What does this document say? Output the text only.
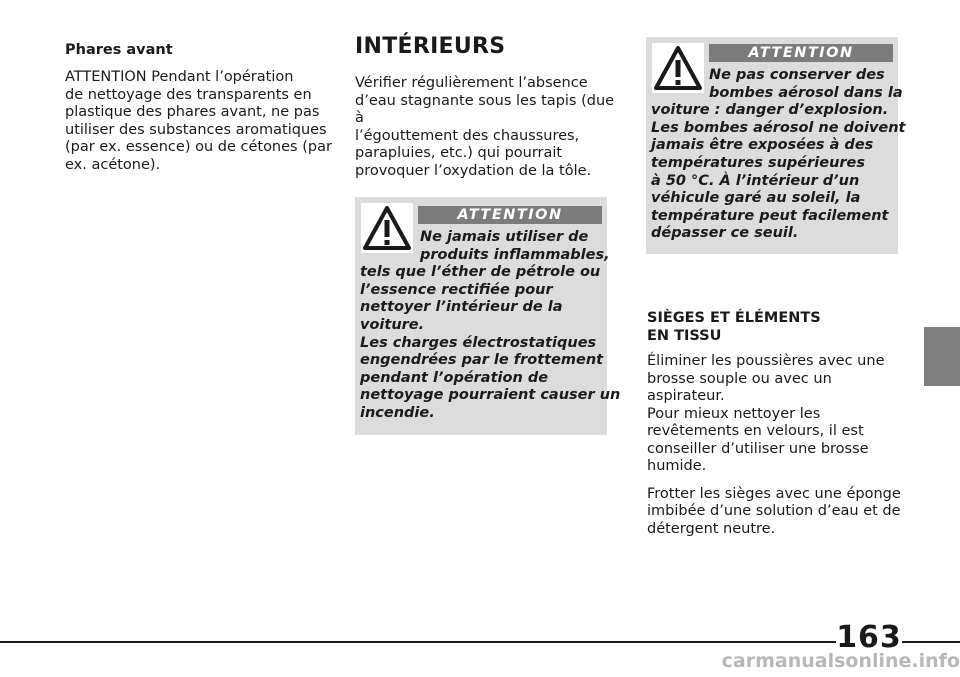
Phares avant

ATTENTION Pendant l’opération
de nettoyage des transparents en
plastique des phares avant, ne pas
utiliser des substances aromatiques
(par ex. essence) ou de cétones (par
ex. acétone).

INTÉRIEURS

Vérifier régulièrement l’absence
d’eau stagnante sous les tapis (due à
l’égouttement des chaussures,
parapluies, etc.) qui pourrait
provoquer l’oxydation de la tôle.

ATTENTION
Ne jamais utiliser de
produits inflammables,
tels que l’éther de pétrole ou
l’essence rectifiée pour
nettoyer l’intérieur de la
voiture.
Les charges électrostatiques
engendrées par le frottement
pendant l’opération de
nettoyage pourraient causer un
incendie.
ATTENTION
Ne pas conserver des
bombes aérosol dans la
voiture : danger d’explosion.
Les bombes aérosol ne doivent
jamais être exposées à des
températures supérieures
à 50 °C. À l’intérieur d’un
véhicule garé au soleil, la
température peut facilement
dépasser ce seuil.

SIÈGES ET ÉLÉMENTS
EN TISSU

Éliminer les poussières avec une
brosse souple ou avec un aspirateur.
Pour mieux nettoyer les
revêtements en velours, il est
conseiller d’utiliser une brosse
humide.

Frotter les sièges avec une éponge
imbibée d’une solution d’eau et de
détergent neutre.

163
carmanualsonline.info
